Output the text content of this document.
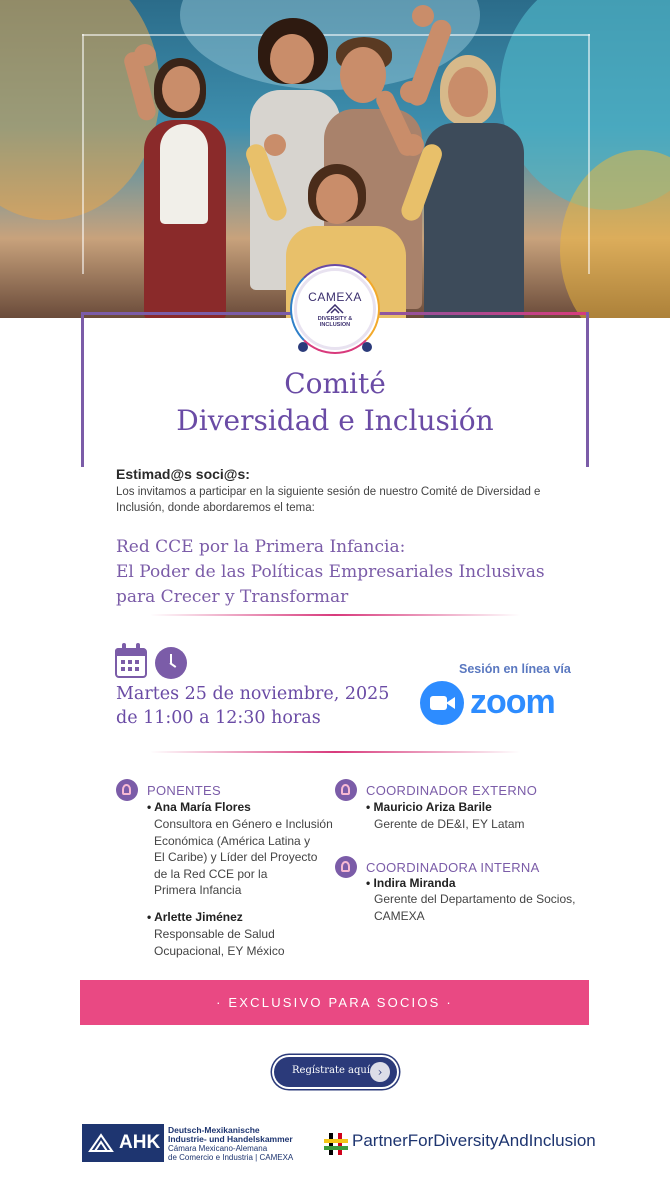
CAMEXA
DIVERSITY &
INCLUSION
Comité
Diversidad e Inclusión
Estimad@s soci@s:
Los invitamos a participar en la siguiente sesión de nuestro Comité de Diversidad e Inclusión, donde abordaremos el tema:
Red CCE por la Primera Infancia:
El Poder de las Políticas Empresariales Inclusivas
para Crecer y Transformar
Martes 25 de noviembre, 2025
de 11:00 a 12:30 horas
Sesión en línea vía
zoom
PONENTES
• Ana María Flores
Consultora en Género e Inclusión
Económica (América Latina y
El Caribe) y Líder del Proyecto
de la Red CCE por la
Primera Infancia
• Arlette Jiménez
Responsable de Salud
Ocupacional, EY México
COORDINADOR EXTERNO
• Mauricio Ariza Barile
Gerente de DE&I, EY Latam
COORDINADORA INTERNA
• Indira Miranda
Gerente del Departamento de Socios,
CAMEXA
· EXCLUSIVO PARA SOCIOS ·
Regístrate aquí ›
AHK
Deutsch-Mexikanische
Industrie- und Handelskammer
Cámara Mexicano-Alemana
de Comercio e Industria | CAMEXA
PartnerForDiversityAndInclusion
